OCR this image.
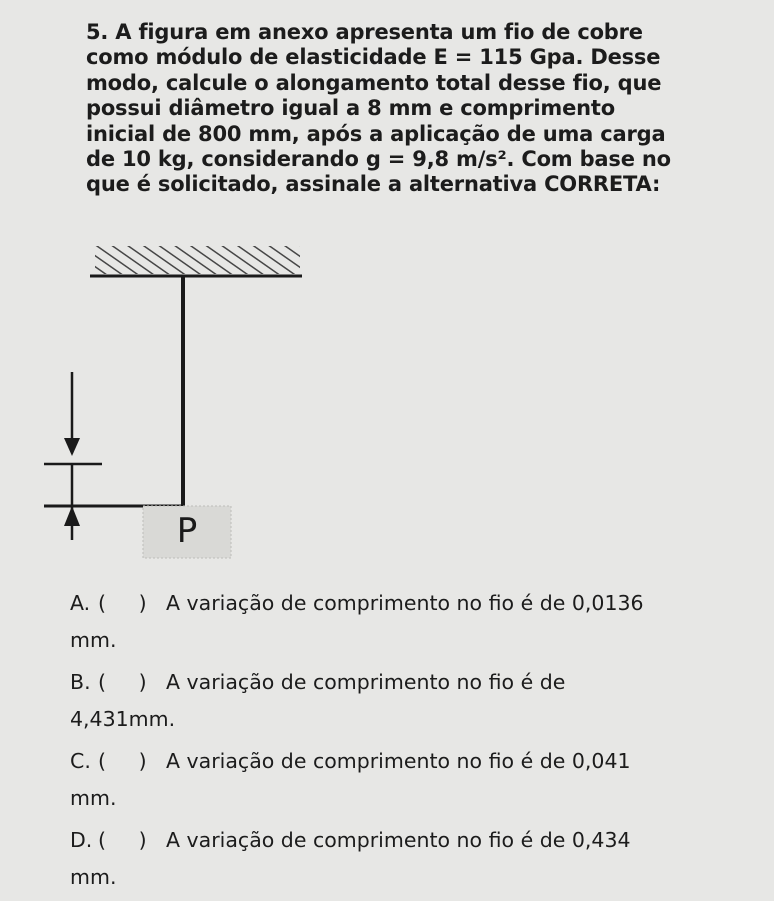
5. A figura em anexo apresenta um fio de cobre

como módulo de elasticidade E = 115 Gpa. Desse

modo, calcule o alongamento total desse fio, que

possui diâmetro igual a 8 mm e comprimento

inicial de 800 mm, após a aplicação de uma carga

de 10 kg, considerando g = 9,8 m/s². Com base no

que é solicitado, assinale a alternativa CORRETA:

P
A. (     ) A variação de comprimento no fio é de 0,0136
mm.
B. (     ) A variação de comprimento no fio é de
4,431mm.
C. (     ) A variação de comprimento no fio é de 0,041
mm.
D. (     ) A variação de comprimento no fio é de 0,434
mm.
